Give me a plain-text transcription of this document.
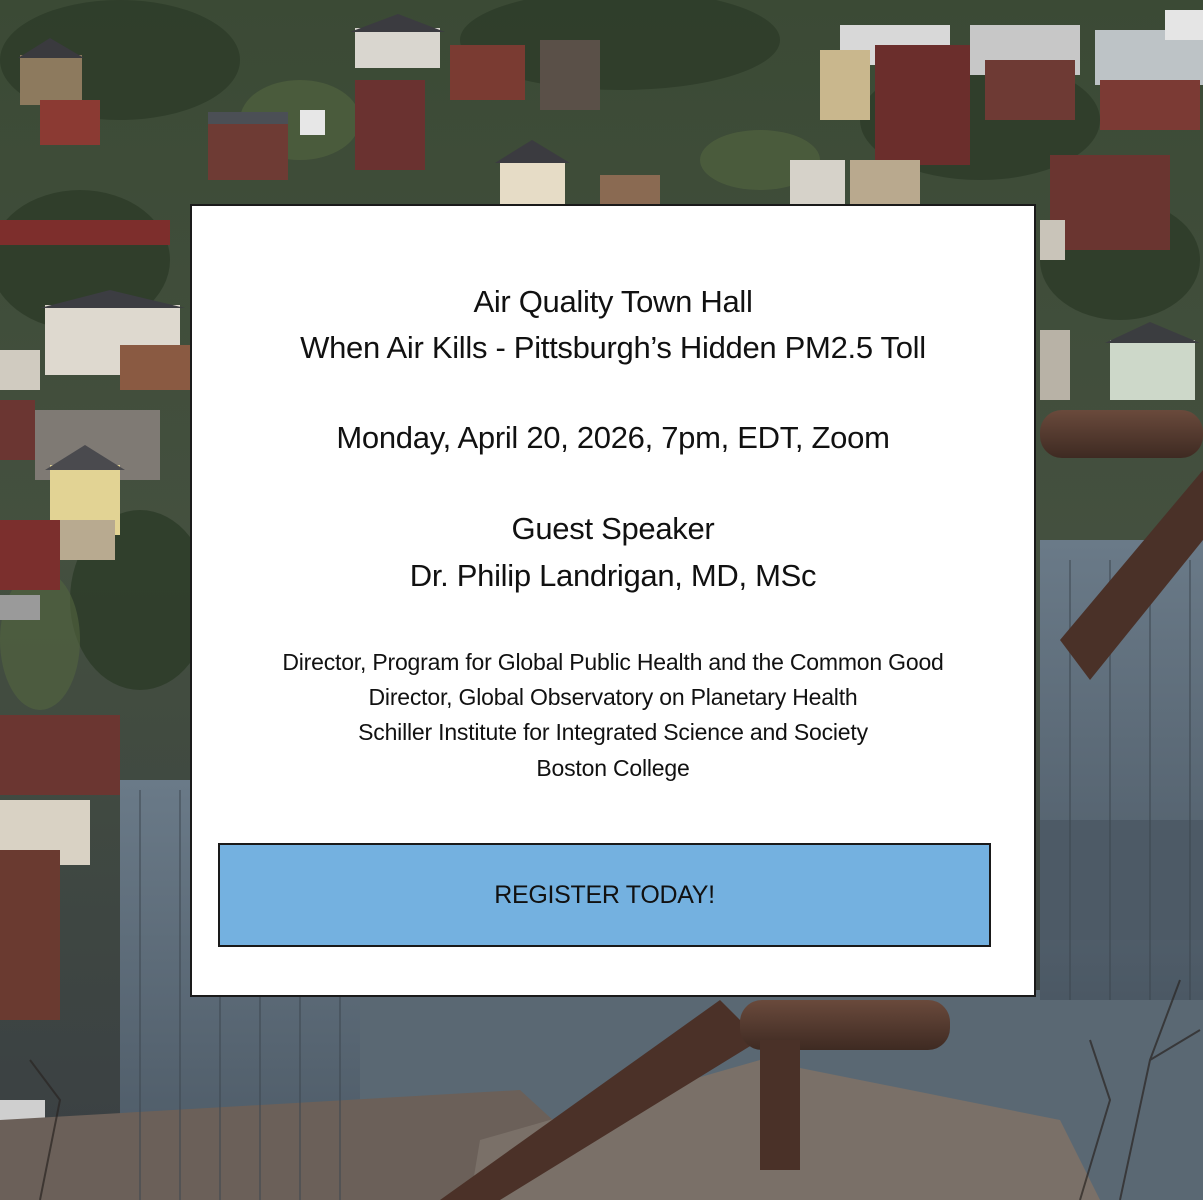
Air Quality Town Hall
When Air Kills - Pittsburgh’s Hidden PM2.5 Toll
Monday, April 20, 2026, 7pm, EDT, Zoom
Guest Speaker
Dr. Philip Landrigan, MD, MSc
Director, Program for Global Public Health and the Common Good
Director, Global Observatory on Planetary Health
Schiller Institute for Integrated Science and Society
Boston College
REGISTER TODAY!
